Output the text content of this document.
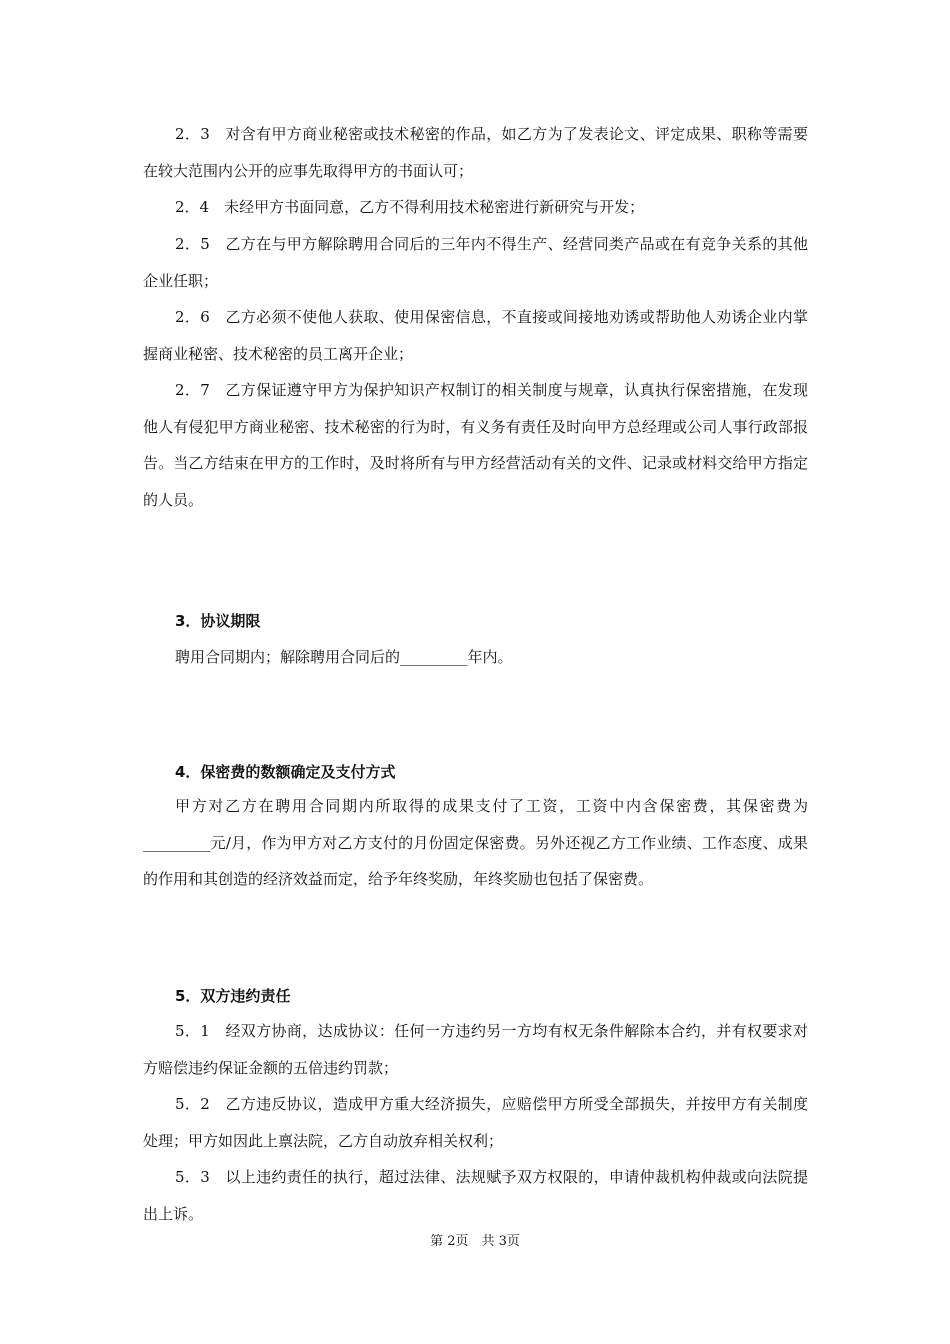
2．3　对含有甲方商业秘密或技术秘密的作品，如乙方为了发表论文、评定成果、职称等需要在较大范围内公开的应事先取得甲方的书面认可；

2．4　未经甲方书面同意，乙方不得利用技术秘密进行新研究与开发；

2．5　乙方在与甲方解除聘用合同后的三年内不得生产、经营同类产品或在有竞争关系的其他企业任职；

2．6　乙方必须不使他人获取、使用保密信息，不直接或间接地劝诱或帮助他人劝诱企业内掌握商业秘密、技术秘密的员工离开企业；

2．7　乙方保证遵守甲方为保护知识产权制订的相关制度与规章，认真执行保密措施，在发现他人有侵犯甲方商业秘密、技术秘密的行为时，有义务有责任及时向甲方总经理或公司人事行政部报告。当乙方结束在甲方的工作时，及时将所有与甲方经营活动有关的文件、记录或材料交给甲方指定的人员。

3．协议期限

聘用合同期内；解除聘用合同后的_________年内。

4．保密费的数额确定及支付方式

甲方对乙方在聘用合同期内所取得的成果支付了工资，工资中内含保密费，其保密费为_________元/月，作为甲方对乙方支付的月份固定保密费。另外还视乙方工作业绩、工作态度、成果的作用和其创造的经济效益而定，给予年终奖励，年终奖励也包括了保密费。

5．双方违约责任

5．1　经双方协商，达成协议：任何一方违约另一方均有权无条件解除本合约，并有权要求对方赔偿违约保证金额的五倍违约罚款；

5．2　乙方违反协议，造成甲方重大经济损失，应赔偿甲方所受全部损失，并按甲方有关制度处理；甲方如因此上禀法院，乙方自动放弃相关权利；

5．3　以上违约责任的执行，超过法律、法规赋予双方权限的，申请仲裁机构仲裁或向法院提出上诉。

第 2页　共 3页
